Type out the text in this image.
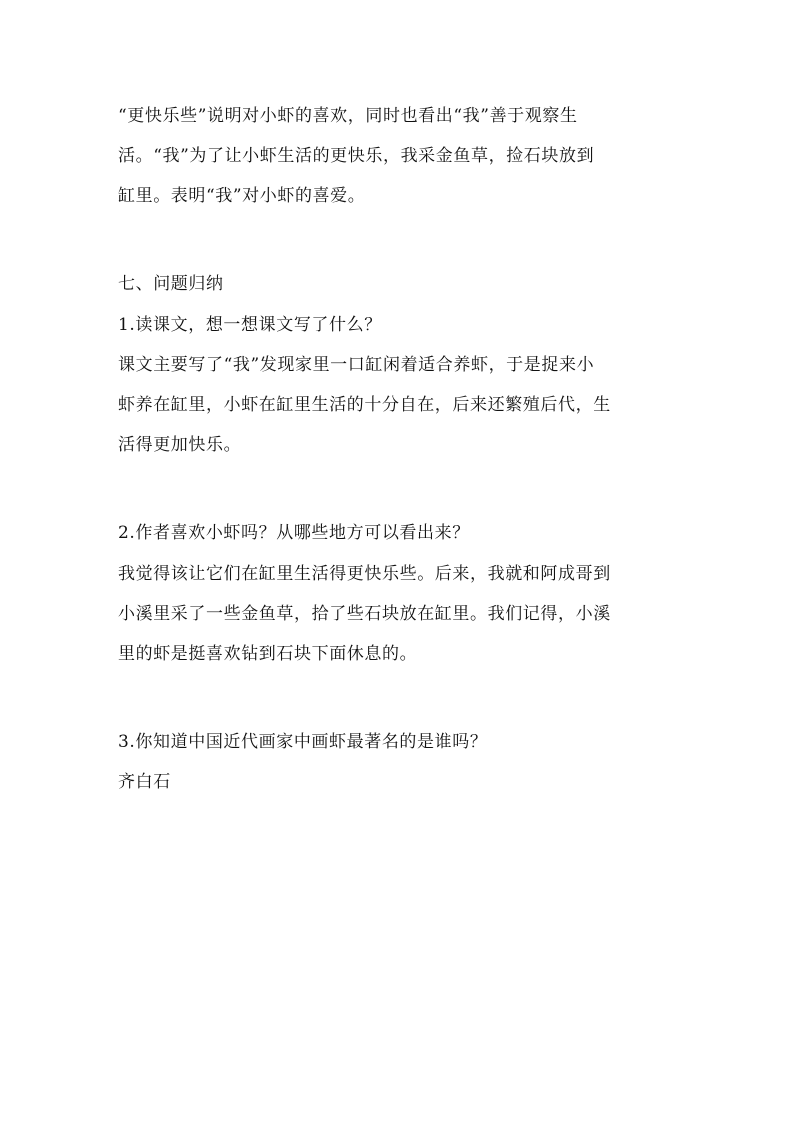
“更快乐些”说明对小虾的喜欢，同时也看出“我”善于观察生
活。“我”为了让小虾生活的更快乐，我采金鱼草，捡石块放到
缸里。表明“我”对小虾的喜爱。

七、问题归纳

1.读课文，想一想课文写了什么？

课文主要写了“我”发现家里一口缸闲着适合养虾，于是捉来小
虾养在缸里，小虾在缸里生活的十分自在，后来还繁殖后代，生
活得更加快乐。

2.作者喜欢小虾吗？从哪些地方可以看出来？

我觉得该让它们在缸里生活得更快乐些。后来，我就和阿成哥到
小溪里采了一些金鱼草，拾了些石块放在缸里。我们记得，小溪
里的虾是挺喜欢钻到石块下面休息的。

3.你知道中国近代画家中画虾最著名的是谁吗？

齐白石
